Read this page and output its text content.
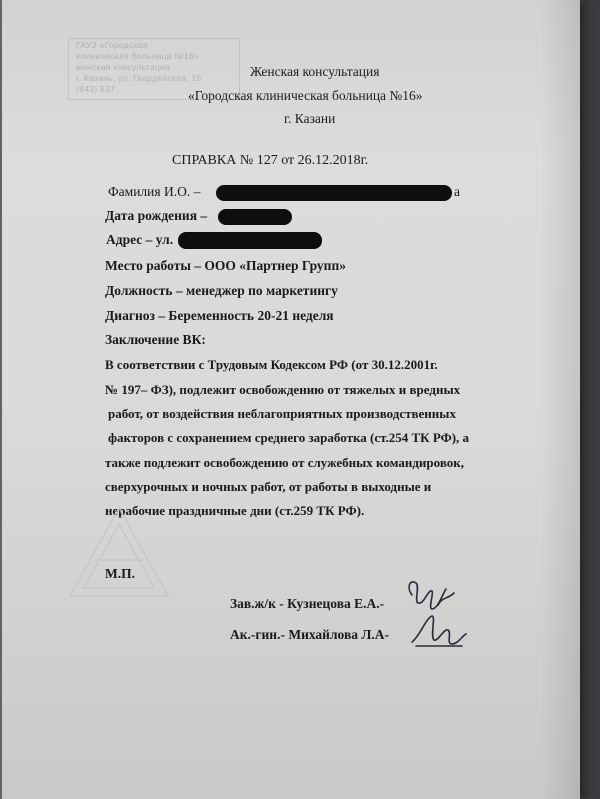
ГАУЗ «Городская
клиническая больница №16»
женская консультация
г. Казань, ул. Гвардейская, 15
(843) 537...
Женская консультация
«Городская клиническая больница №16»
г. Казани
СПРАВКА № 127 от 26.12.2018г.
Фамилия И.О. –	а
Дата рождения –
Адрес – ул.
Место работы – ООО «Партнер Групп»
Должность – менеджер по маркетингу
Диагноз – Беременность 20-21 неделя
Заключение ВК:
В соответствии с Трудовым Кодексом РФ (от 30.12.2001г.
№ 197– ФЗ), подлежит освобождению от тяжелых и вредных
работ, от воздействия неблагоприятных производственных
факторов с сохранением среднего заработка (ст.254 ТК РФ), а
также подлежит освобождению от служебных командировок,
сверхурочных и ночных работ, от работы в выходные и
нерабочие праздничные дни (ст.259 ТК РФ).
М.П.
Зав.ж/к - Кузнецова Е.А.-
Ак.-гин.- Михайлова Л.А-
